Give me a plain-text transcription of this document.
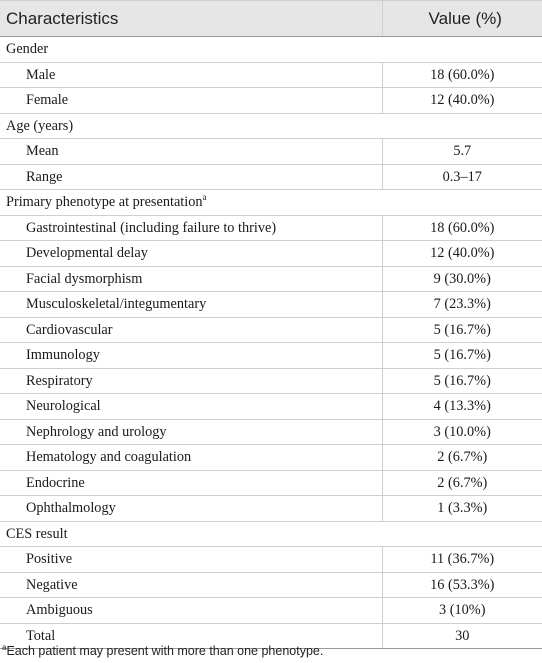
Characteristics	Value (%)
Gender	
Male	18 (60.0%)
Female	12 (40.0%)
Age (years)	
Mean	5.7
Range	0.3–17
Primary phenotype at presentation$^a$
Gastrointestinal (including failure to thrive)	18 (60.0%)
Developmental delay	12 (40.0%)
Facial dysmorphism	9 (30.0%)
Musculoskeletal/integumentary	7 (23.3%)
Cardiovascular	5 (16.7%)
Immunology	5 (16.7%)
Respiratory	5 (16.7%)
Neurological	4 (13.3%)
Nephrology and urology	3 (10.0%)
Hematology and coagulation	2 (6.7%)
Endocrine	2 (6.7%)
Ophthalmology	1 (3.3%)
CES result	
Positive	11 (36.7%)
Negative	16 (53.3%)
Ambiguous	3 (10%)
Total	30
$^a$Each patient may present with more than one phenotype.
